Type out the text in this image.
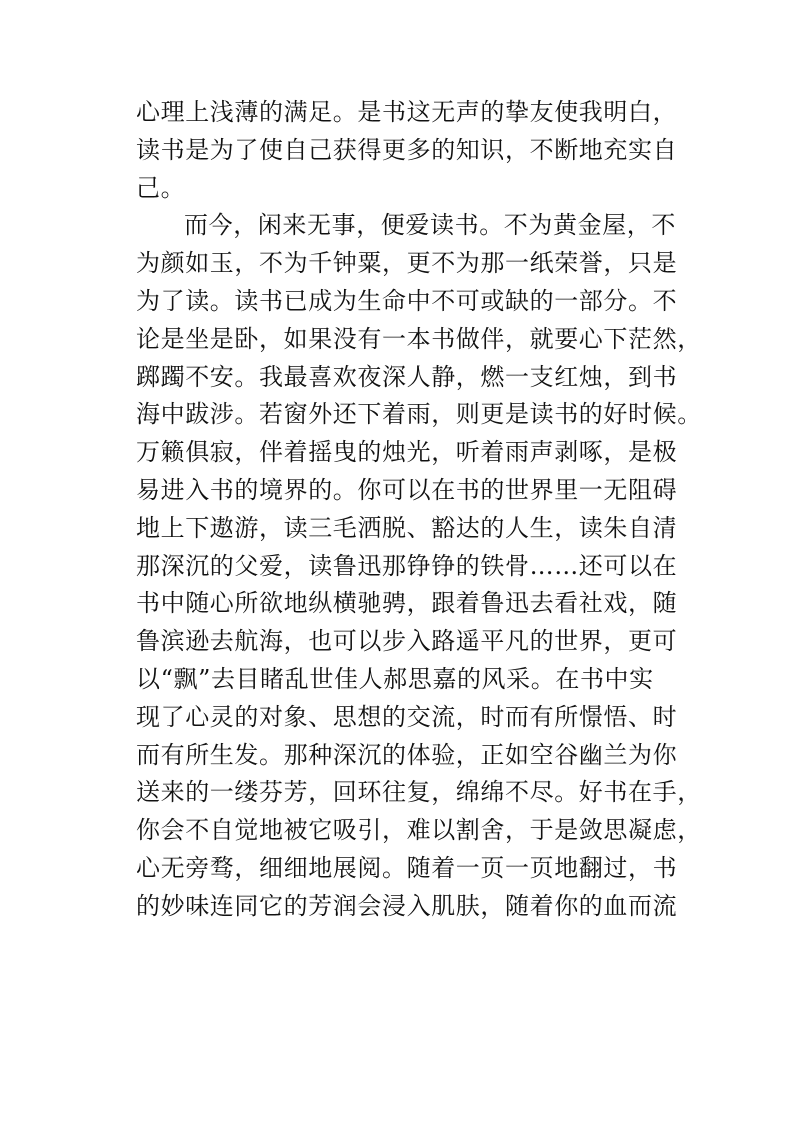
心理上浅薄的满足。是书这无声的挚友使我明白，
读书是为了使自己获得更多的知识，不断地充实自
己。
而今，闲来无事，便爱读书。不为黄金屋，不
为颜如玉，不为千钟粟，更不为那一纸荣誉，只是
为了读。读书已成为生命中不可或缺的一部分。不
论是坐是卧，如果没有一本书做伴，就要心下茫然，
踯躅不安。我最喜欢夜深人静，燃一支红烛，到书
海中跋涉。若窗外还下着雨，则更是读书的好时候。
万籁俱寂，伴着摇曳的烛光，听着雨声剥啄，是极
易进入书的境界的。你可以在书的世界里一无阻碍
地上下遨游，读三毛洒脱、豁达的人生，读朱自清
那深沉的父爱，读鲁迅那铮铮的铁骨……还可以在
书中随心所欲地纵横驰骋，跟着鲁迅去看社戏，随
鲁滨逊去航海，也可以步入路遥平凡的世界，更可
以“飘”去目睹乱世佳人郝思嘉的风采。在书中实
现了心灵的对象、思想的交流，时而有所憬悟、时
而有所生发。那种深沉的体验，正如空谷幽兰为你
送来的一缕芬芳，回环往复，绵绵不尽。好书在手，
你会不自觉地被它吸引，难以割舍，于是敛思凝虑，
心无旁骛，细细地展阅。随着一页一页地翻过，书
的妙味连同它的芳润会浸入肌肤，随着你的血而流
